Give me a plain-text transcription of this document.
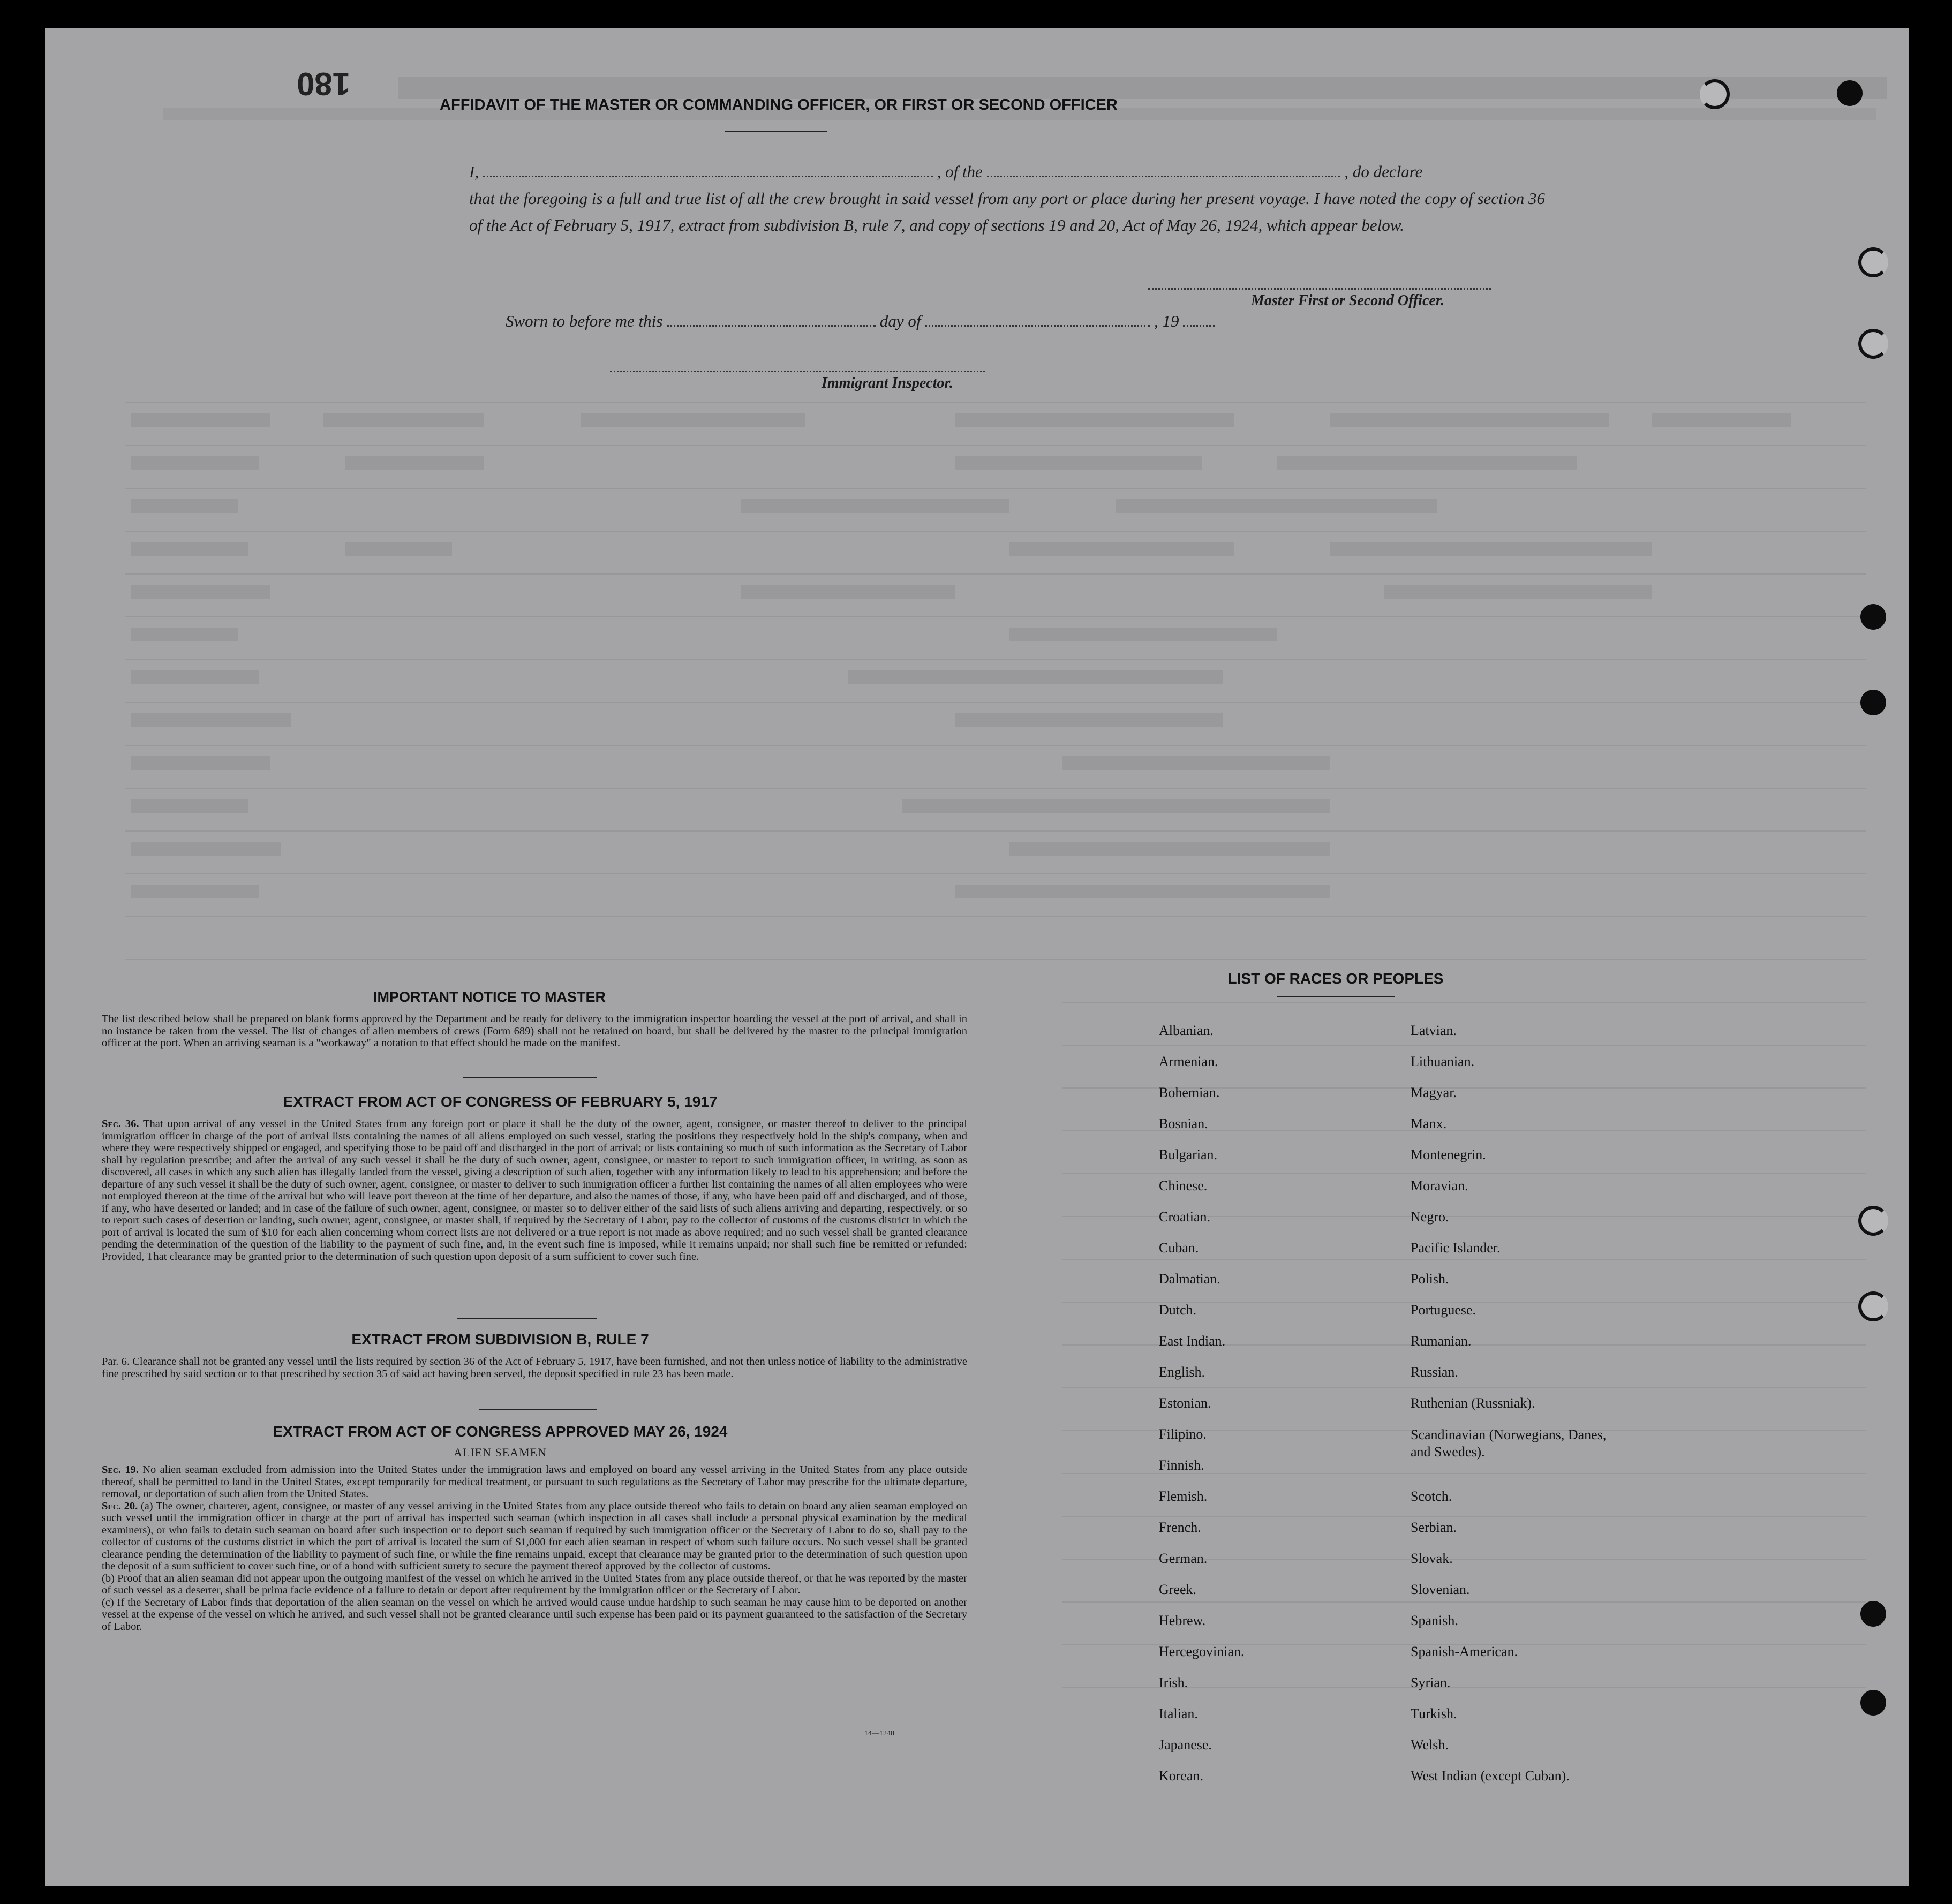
180
AFFIDAVIT OF THE MASTER OR COMMANDING OFFICER, OR FIRST OR SECOND OFFICER
I,	, of the	, do declare
that the foregoing is a full and true list of all the crew brought in said vessel from any port or place during her present voyage. I have noted the copy of section 36 of the Act of February 5, 1917, extract from subdivision B, rule 7, and copy of sections 19 and 20, Act of May 26, 1924, which appear below.
Master First or Second Officer.
Sworn to before me this	day of	, 19
Immigrant Inspector.
IMPORTANT NOTICE TO MASTER
The list described below shall be prepared on blank forms approved by the Department and be ready for delivery to the immigration inspector boarding the vessel at the port of arrival, and shall in no instance be taken from the vessel. The list of changes of alien members of crews (Form 689) shall not be retained on board, but shall be delivered by the master to the principal immigration officer at the port. When an arriving seaman is a "workaway" a notation to that effect should be made on the manifest.
EXTRACT FROM ACT OF CONGRESS OF FEBRUARY 5, 1917
Sec. 36. That upon arrival of any vessel in the United States from any foreign port or place it shall be the duty of the owner, agent, consignee, or master thereof to deliver to the principal immigration officer in charge of the port of arrival lists containing the names of all aliens employed on such vessel, stating the positions they respectively hold in the ship's company, when and where they were respectively shipped or engaged, and specifying those to be paid off and discharged in the port of arrival; or lists containing so much of such information as the Secretary of Labor shall by regulation prescribe; and after the arrival of any such vessel it shall be the duty of such owner, agent, consignee, or master to report to such immigration officer, in writing, as soon as discovered, all cases in which any such alien has illegally landed from the vessel, giving a description of such alien, together with any information likely to lead to his apprehension; and before the departure of any such vessel it shall be the duty of such owner, agent, consignee, or master to deliver to such immigration officer a further list containing the names of all alien employees who were not employed thereon at the time of the arrival but who will leave port thereon at the time of her departure, and also the names of those, if any, who have been paid off and discharged, and of those, if any, who have deserted or landed; and in case of the failure of such owner, agent, consignee, or master so to deliver either of the said lists of such aliens arriving and departing, respectively, or so to report such cases of desertion or landing, such owner, agent, consignee, or master shall, if required by the Secretary of Labor, pay to the collector of customs of the customs district in which the port of arrival is located the sum of $10 for each alien concerning whom correct lists are not delivered or a true report is not made as above required; and no such vessel shall be granted clearance pending the determination of the question of the liability to the payment of such fine, and, in the event such fine is imposed, while it remains unpaid; nor shall such fine be remitted or refunded: Provided, That clearance may be granted prior to the determination of such question upon deposit of a sum sufficient to cover such fine.
EXTRACT FROM SUBDIVISION B, RULE 7
Par. 6. Clearance shall not be granted any vessel until the lists required by section 36 of the Act of February 5, 1917, have been furnished, and not then unless notice of liability to the administrative fine prescribed by said section or to that prescribed by section 35 of said act having been served, the deposit specified in rule 23 has been made.
EXTRACT FROM ACT OF CONGRESS APPROVED MAY 26, 1924
ALIEN SEAMEN
Sec. 19. No alien seaman excluded from admission into the United States under the immigration laws and employed on board any vessel arriving in the United States from any place outside thereof, shall be permitted to land in the United States, except temporarily for medical treatment, or pursuant to such regulations as the Secretary of Labor may prescribe for the ultimate departure, removal, or deportation of such alien from the United States.
Sec. 20. (a) The owner, charterer, agent, consignee, or master of any vessel arriving in the United States from any place outside thereof who fails to detain on board any alien seaman employed on such vessel until the immigration officer in charge at the port of arrival has inspected such seaman (which inspection in all cases shall include a personal physical examination by the medical examiners), or who fails to detain such seaman on board after such inspection or to deport such seaman if required by such immigration officer or the Secretary of Labor to do so, shall pay to the collector of customs of the customs district in which the port of arrival is located the sum of $1,000 for each alien seaman in respect of whom such failure occurs. No such vessel shall be granted clearance pending the determination of the liability to payment of such fine, or while the fine remains unpaid, except that clearance may be granted prior to the determination of such question upon the deposit of a sum sufficient to cover such fine, or of a bond with sufficient surety to secure the payment thereof approved by the collector of customs.
(b) Proof that an alien seaman did not appear upon the outgoing manifest of the vessel on which he arrived in the United States from any place outside thereof, or that he was reported by the master of such vessel as a deserter, shall be prima facie evidence of a failure to detain or deport after requirement by the immigration officer or the Secretary of Labor.
(c) If the Secretary of Labor finds that deportation of the alien seaman on the vessel on which he arrived would cause undue hardship to such seaman he may cause him to be deported on another vessel at the expense of the vessel on which he arrived, and such vessel shall not be granted clearance until such expense has been paid or its payment guaranteed to the satisfaction of the Secretary of Labor.
14—1240
LIST OF RACES OR PEOPLES
Albanian.
Armenian.
Bohemian.
Bosnian.
Bulgarian.
Chinese.
Croatian.
Cuban.
Dalmatian.
Dutch.
East Indian.
English.
Estonian.
Filipino.
Finnish.
Flemish.
French.
German.
Greek.
Hebrew.
Hercegovinian.
Irish.
Italian.
Japanese.
Korean.
Latvian.
Lithuanian.
Magyar.
Manx.
Montenegrin.
Moravian.
Negro.
Pacific Islander.
Polish.
Portuguese.
Rumanian.
Russian.
Ruthenian (Russniak).
Scandinavian (Norwegians, Danes, and Swedes).
Scotch.
Serbian.
Slovak.
Slovenian.
Spanish.
Spanish-American.
Syrian.
Turkish.
Welsh.
West Indian (except Cuban).
